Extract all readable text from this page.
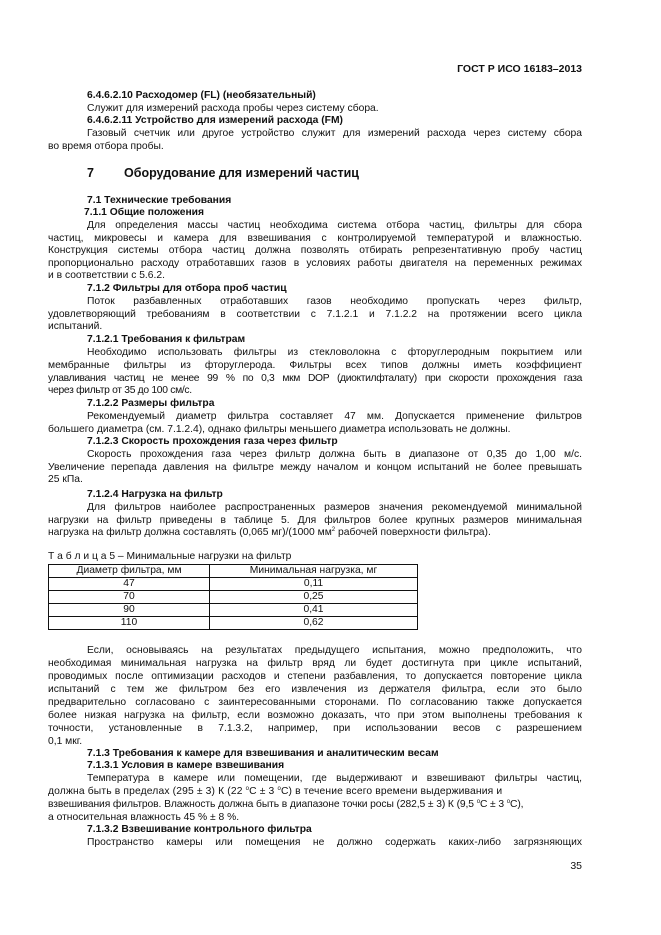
ГОСТ Р ИСО 16183–2013
6.4.6.2.10 Расходомер (FL) (необязательный)
Служит для измерений расхода пробы через систему сбора.
6.4.6.2.11 Устройство для измерений расхода (FM)
Газовый счетчик или другое устройство служит для измерений расхода через систему сбора
во время отбора пробы.
7 Оборудование для измерений частиц
7.1 Технические требования
7.1.1 Общие положения
Для определения массы частиц необходима система отбора частиц, фильтры для сбора
частиц, микровесы и камера для взвешивания с контролируемой температурой и влажностью.
Конструкция системы отбора частиц должна позволять отбирать репрезентативную пробу частиц
пропорционально расходу отработавших газов в условиях работы двигателя на переменных режимах
и в соответствии с 5.6.2.
7.1.2 Фильтры для отбора проб частиц
Поток разбавленных отработавших газов необходимо пропускать через фильтр,
удовлетворяющий требованиям в соответствии с 7.1.2.1 и 7.1.2.2 на протяжении всего цикла
испытаний.
7.1.2.1 Требования к фильтрам
Необходимо использовать фильтры из стекловолокна с фторуглеродным покрытием или
мембранные фильтры из фторуглерода. Фильтры всех типов должны иметь коэффициент
улавливания частиц не менее 99 % по 0,3 мкм DOP (диоктилфталату) при скорости прохождения газа
через фильтр от 35 до 100 см/с.
7.1.2.2 Размеры фильтра
Рекомендуемый диаметр фильтра составляет 47 мм. Допускается применение фильтров
большего диаметра (см. 7.1.2.4), однако фильтры меньшего диаметра использовать не должны.
7.1.2.3 Скорость прохождения газа через фильтр
Скорость прохождения газа через фильтр должна быть в диапазоне от 0,35 до 1,00 м/с.
Увеличение перепада давления на фильтре между началом и концом испытаний не более превышать
25 кПа.
7.1.2.4 Нагрузка на фильтр
Для фильтров наиболее распространенных размеров значения рекомендуемой минимальной
нагрузки на фильтр приведены в таблице 5. Для фильтров более крупных размеров минимальная
нагрузка на фильтр должна составлять (0,065 мг)/(1000 $мм^2$ рабочей поверхности фильтра).
Т а б л и ц а 5 – Минимальные нагрузки на фильтр
Диаметр фильтра, мм	Минимальная нагрузка, мг
47	0,11
70	0,25
90	0,41
110	0,62
Если, основываясь на результатах предыдущего испытания, можно предположить, что
необходимая минимальная нагрузка на фильтр вряд ли будет достигнута при цикле испытаний,
проводимых после оптимизации расходов и степени разбавления, то допускается повторение цикла
испытаний с тем же фильтром без его извлечения из держателя фильтра, если это было
предварительно согласовано с заинтересованными сторонами. По согласованию также допускается
более низкая нагрузка на фильтр, если возможно доказать, что при этом выполнены требования к
точности, установленные в 7.1.3.2, например, при использовании весов с разрешением
0,1 мкг.
7.1.3 Требования к камере для взвешивания и аналитическим весам
7.1.3.1 Условия в камере взвешивания
Температура в камере или помещении, где выдерживают и взвешивают фильтры частиц,
должна быть в пределах (295 ± 3) К (22 $^o$C ± 3 $^o$C) в течение всего времени выдерживания и
взвешивания фильтров. Влажность должна быть в диапазоне точки росы (282,5 ± 3) К (9,5 $^o$C ± 3 $^o$C),
а относительная влажность 45 % ± 8 %.
7.1.3.2 Взвешивание контрольного фильтра
Пространство камеры или помещения не должно содержать каких-либо загрязняющих
35
